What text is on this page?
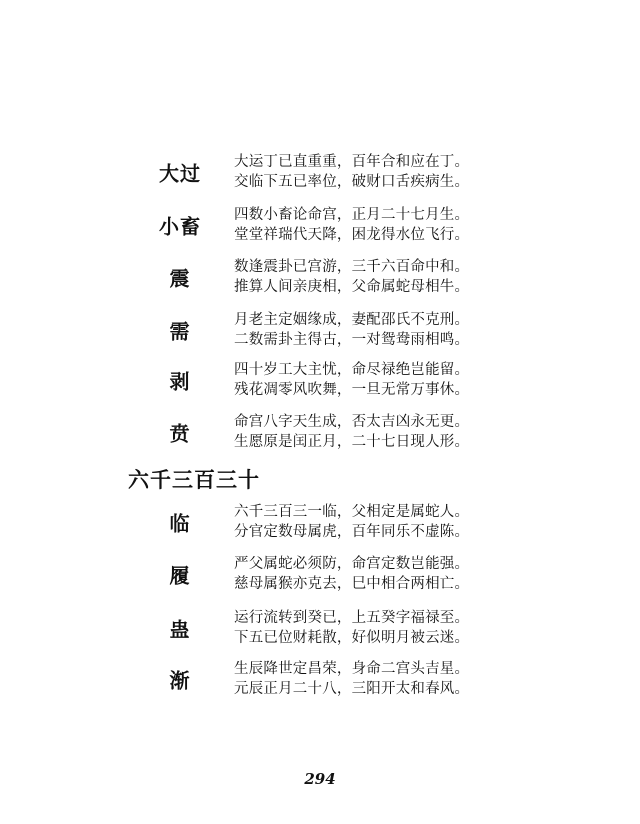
大过	大运丁已直重重，百年合和应在丁。
交临下五已率位，破财口舌疾病生。
小畜	四数小畜论命宫，正月二十七月生。
堂堂祥瑞代天降，困龙得水位飞行。
震	数逢震卦已宫游，三千六百命中和。
推算人间亲庚相，父命属蛇母相牛。
需	月老主定姻缘成，妻配邵氏不克刑。
二数需卦主得古，一对鸳鸯雨相鸣。
剥	四十岁工大主忧，命尽禄绝岂能留。
残花凋零风吹舞，一旦无常万事休。
贲	命宫八字天生成，否太吉凶永无更。
生愿原是闰正月，二十七日现人形。
六千三百三十
临	六千三百三一临，父相定是属蛇人。
分官定数母属虎，百年同乐不虚陈。
履	严父属蛇必须防，命宫定数岂能强。
慈母属猴亦克去，巳中相合两相亡。
蛊	运行流转到癸已，上五癸字福禄至。
下五已位财耗散，好似明月被云迷。
渐	生辰降世定昌荣，身命二宫头吉星。
元辰正月二十八，三阳开太和春风。
294
